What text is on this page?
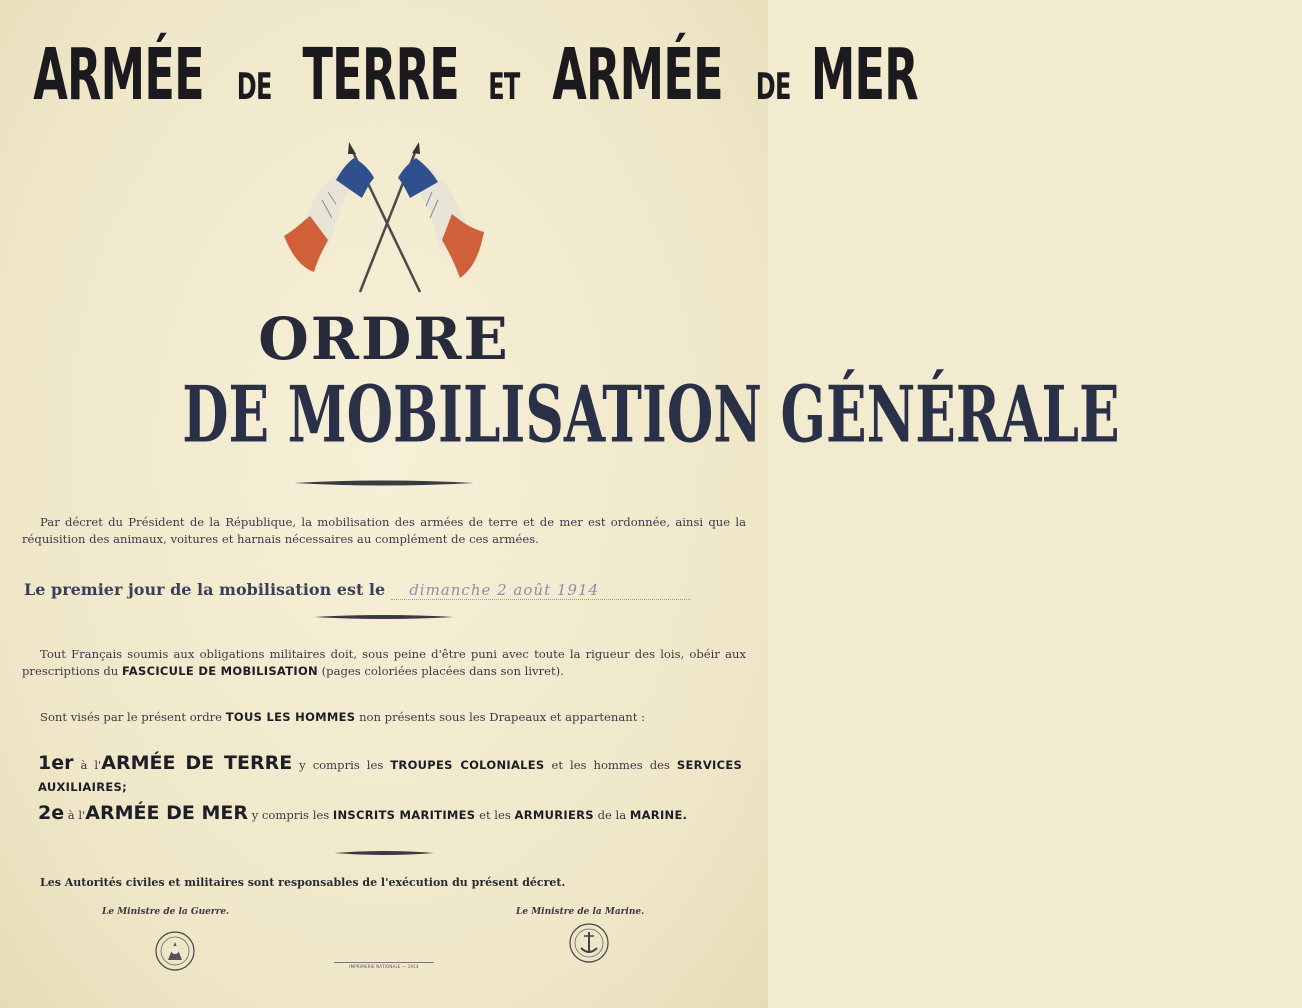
ARMÉE DE TERRE ET ARMÉE DE MER
ORDRE
DE MOBILISATION GÉNÉRALE
Par décret du Président de la République, la mobilisation des armées de terre et de mer est ordonnée, ainsi que la réquisition des animaux, voitures et harnais nécessaires au complément de ces armées.
Le premier jour de la mobilisation est le dimanche 2 août 1914
Tout Français soumis aux obligations militaires doit, sous peine d'être puni avec toute la rigueur des lois, obéir aux prescriptions du FASCICULE DE MOBILISATION (pages coloriées placées dans son livret).
Sont visés par le présent ordre TOUS LES HOMMES non présents sous les Drapeaux et appartenant :
1er à l'ARMÉE DE TERRE y compris les TROUPES COLONIALES et les hommes des SERVICES AUXILIAIRES;
2e à l'ARMÉE DE MER y compris les INSCRITS MARITIMES et les ARMURIERS de la MARINE.
Les Autorités civiles et militaires sont responsables de l'exécution du présent décret.
Le Ministre de la Guerre.	Le Ministre de la Marine.
IMPRIMERIE NATIONALE — 1914
